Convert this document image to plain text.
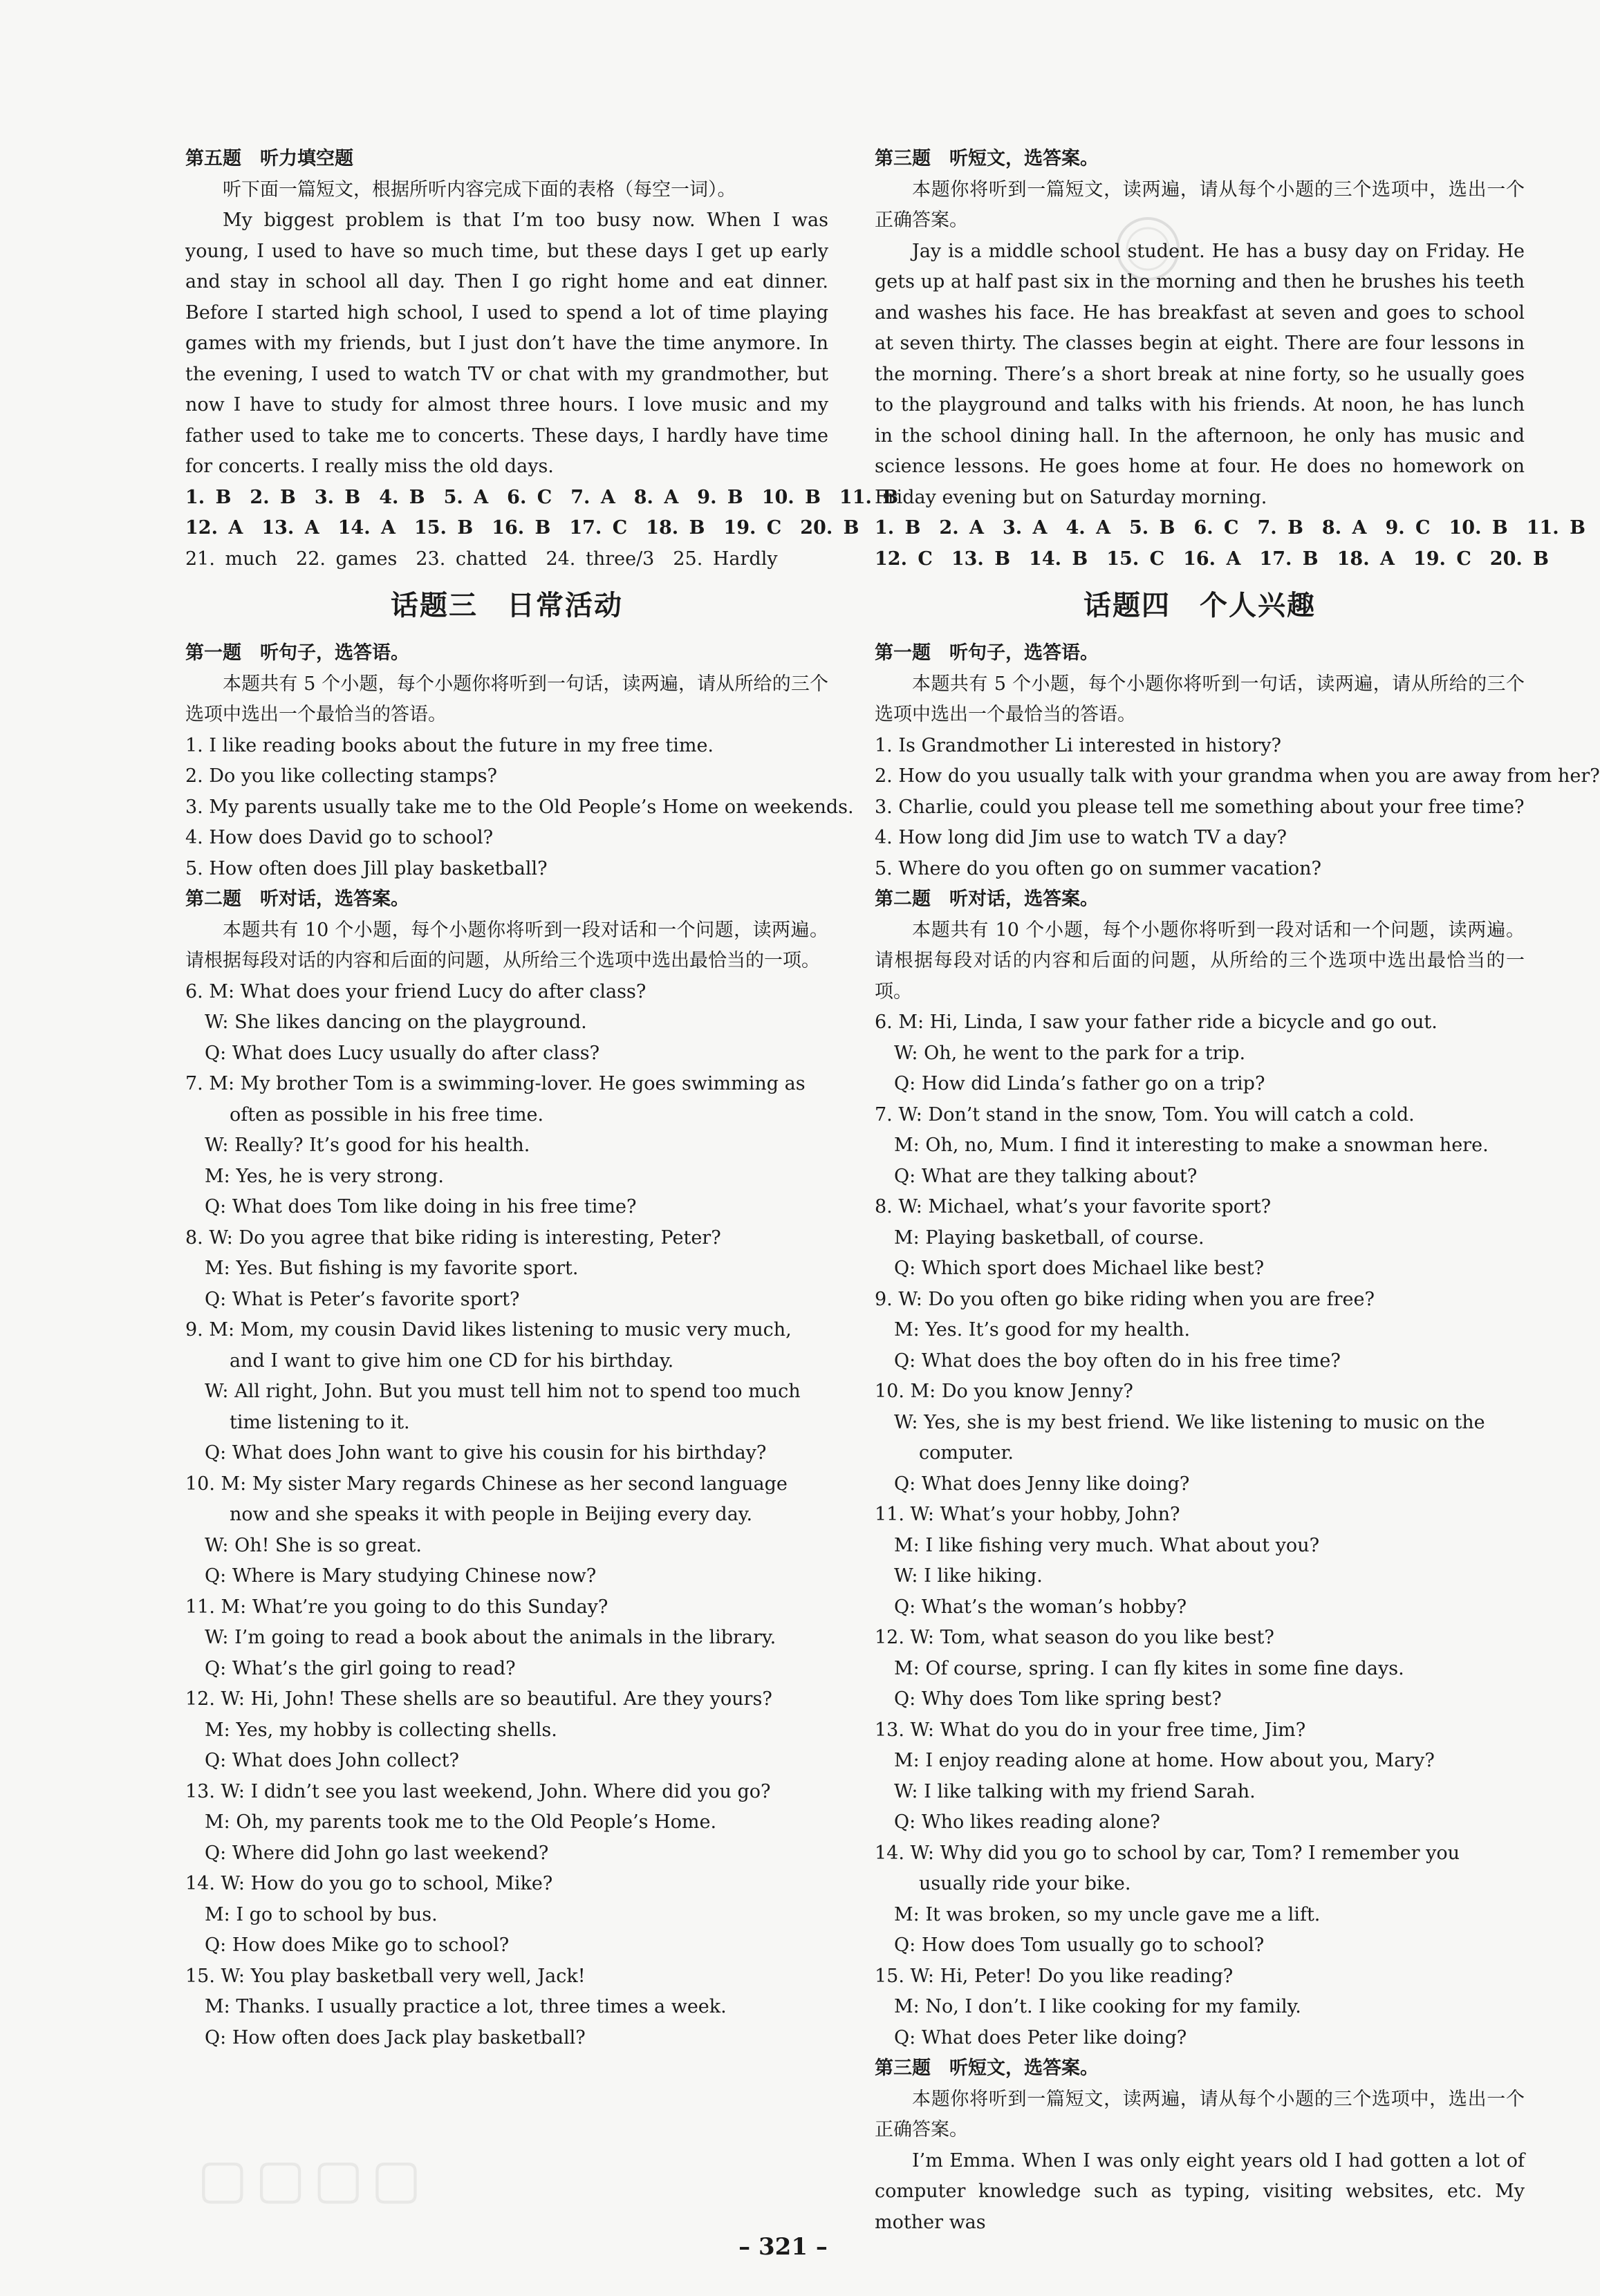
第五题　听力填空题
听下面一篇短文，根据所听内容完成下面的表格（每空一词）。
My biggest problem is that I’m too busy now. When I was young, I used to have so much time, but these days I get up early and stay in school all day. Then I go right home and eat dinner. Before I started high school, I used to spend a lot of time playing games with my friends, but I just don’t have the time anymore. In the evening, I used to watch TV or chat with my grandmother, but now I have to study for almost three hours. I love music and my father used to take me to concerts. These days, I hardly have time for concerts. I really miss the old days.
1. B　2. B　3. B　4. B　5. A　6. C　7. A　8. A　9. B　10. B　11. B
12. A　13. A　14. A　15. B　16. B　17. C　18. B　19. C　20. B
21. much　22. games　23. chatted　24. three/3　25. Hardly
话题三　日常活动
第一题　听句子，选答语。
本题共有 5 个小题，每个小题你将听到一句话，读两遍，请从所给的三个选项中选出一个最恰当的答语。
1. I like reading books about the future in my free time.
2. Do you like collecting stamps?
3. My parents usually take me to the Old People’s Home on weekends.
4. How does David go to school?
5. How often does Jill play basketball?
第二题　听对话，选答案。
本题共有 10 个小题，每个小题你将听到一段对话和一个问题，读两遍。请根据每段对话的内容和后面的问题，从所给三个选项中选出最恰当的一项。
6. M: What does your friend Lucy do after class?
W: She likes dancing on the playground.
Q: What does Lucy usually do after class?
7. M: My brother Tom is a swimming-lover. He goes swimming as often as possible in his free time.
W: Really? It’s good for his health.
M: Yes, he is very strong.
Q: What does Tom like doing in his free time?
8. W: Do you agree that bike riding is interesting, Peter?
M: Yes. But fishing is my favorite sport.
Q: What is Peter’s favorite sport?
9. M: Mom, my cousin David likes listening to music very much, and I want to give him one CD for his birthday.
W: All right, John. But you must tell him not to spend too much time listening to it.
Q: What does John want to give his cousin for his birthday?
10. M: My sister Mary regards Chinese as her second language now and she speaks it with people in Beijing every day.
W: Oh! She is so great.
Q: Where is Mary studying Chinese now?
11. M: What’re you going to do this Sunday?
W: I’m going to read a book about the animals in the library.
Q: What’s the girl going to read?
12. W: Hi, John! These shells are so beautiful. Are they yours?
M: Yes, my hobby is collecting shells.
Q: What does John collect?
13. W: I didn’t see you last weekend, John. Where did you go?
M: Oh, my parents took me to the Old People’s Home.
Q: Where did John go last weekend?
14. W: How do you go to school, Mike?
M: I go to school by bus.
Q: How does Mike go to school?
15. W: You play basketball very well, Jack!
M: Thanks. I usually practice a lot, three times a week.
Q: How often does Jack play basketball?
第三题　听短文，选答案。
本题你将听到一篇短文，读两遍，请从每个小题的三个选项中，选出一个正确答案。
Jay is a middle school student. He has a busy day on Friday. He gets up at half past six in the morning and then he brushes his teeth and washes his face. He has breakfast at seven and goes to school at seven thirty. The classes begin at eight. There are four lessons in the morning. There’s a short break at nine forty, so he usually goes to the playground and talks with his friends. At noon, he has lunch in the school dining hall. In the afternoon, he only has music and science lessons. He goes home at four. He does no homework on Friday evening but on Saturday morning.
1. B　2. A　3. A　4. A　5. B　6. C　7. B　8. A　9. C　10. B　11. B
12. C　13. B　14. B　15. C　16. A　17. B　18. A　19. C　20. B
话题四　个人兴趣
第一题　听句子，选答语。
本题共有 5 个小题，每个小题你将听到一句话，读两遍，请从所给的三个选项中选出一个最恰当的答语。
1. Is Grandmother Li interested in history?
2. How do you usually talk with your grandma when you are away from her?
3. Charlie, could you please tell me something about your free time?
4. How long did Jim use to watch TV a day?
5. Where do you often go on summer vacation?
第二题　听对话，选答案。
本题共有 10 个小题，每个小题你将听到一段对话和一个问题，读两遍。请根据每段对话的内容和后面的问题，从所给的三个选项中选出最恰当的一项。
6. M: Hi, Linda, I saw your father ride a bicycle and go out.
W: Oh, he went to the park for a trip.
Q: How did Linda’s father go on a trip?
7. W: Don’t stand in the snow, Tom. You will catch a cold.
M: Oh, no, Mum. I find it interesting to make a snowman here.
Q: What are they talking about?
8. W: Michael, what’s your favorite sport?
M: Playing basketball, of course.
Q: Which sport does Michael like best?
9. W: Do you often go bike riding when you are free?
M: Yes. It’s good for my health.
Q: What does the boy often do in his free time?
10. M: Do you know Jenny?
W: Yes, she is my best friend. We like listening to music on the computer.
Q: What does Jenny like doing?
11. W: What’s your hobby, John?
M: I like fishing very much. What about you?
W: I like hiking.
Q: What’s the woman’s hobby?
12. W: Tom, what season do you like best?
M: Of course, spring. I can fly kites in some fine days.
Q: Why does Tom like spring best?
13. W: What do you do in your free time, Jim?
M: I enjoy reading alone at home. How about you, Mary?
W: I like talking with my friend Sarah.
Q: Who likes reading alone?
14. W: Why did you go to school by car, Tom? I remember you usually ride your bike.
M: It was broken, so my uncle gave me a lift.
Q: How does Tom usually go to school?
15. W: Hi, Peter! Do you like reading?
M: No, I don’t. I like cooking for my family.
Q: What does Peter like doing?
第三题　听短文，选答案。
本题你将听到一篇短文，读两遍，请从每个小题的三个选项中，选出一个正确答案。
I’m Emma. When I was only eight years old I had gotten a lot of computer knowledge such as typing, visiting websites, etc. My mother was
▢▢▢▢
– 321 –
